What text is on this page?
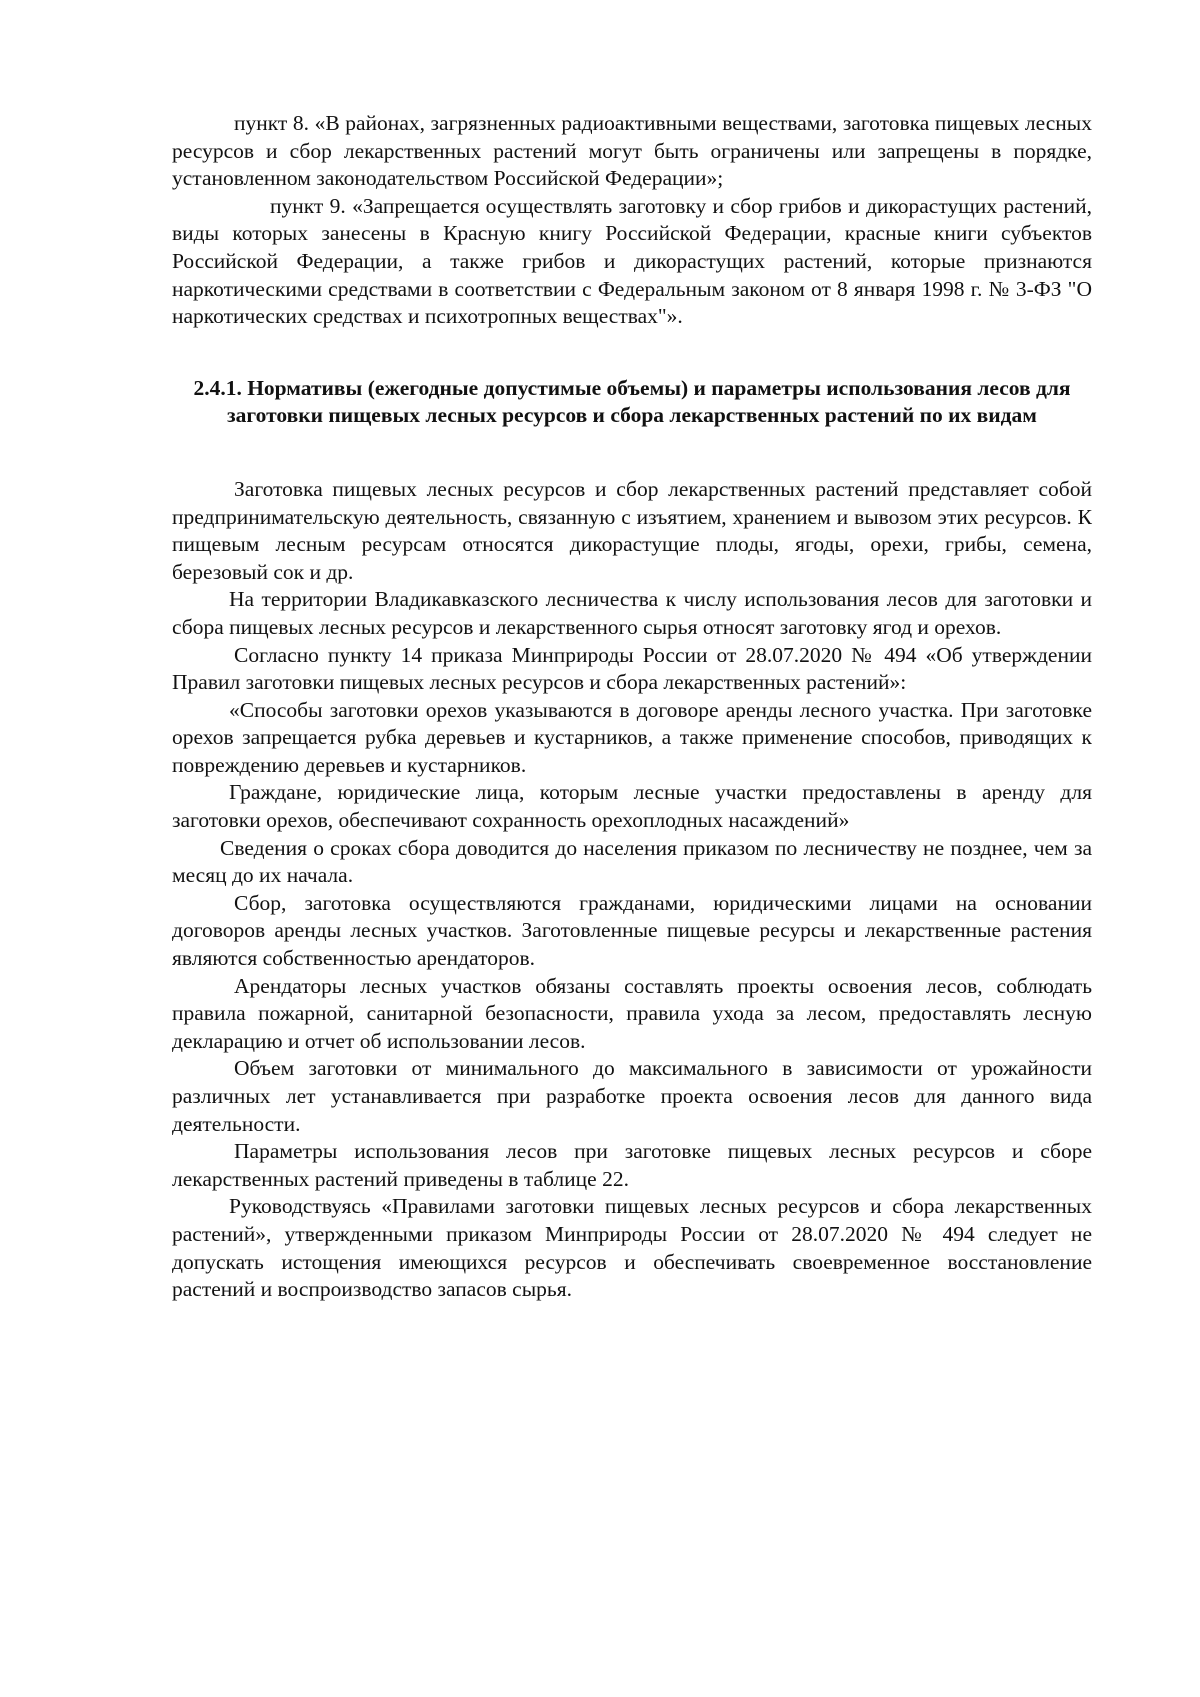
пункт 8. «В районах, загрязненных радиоактивными веществами, заготовка пищевых лесных ресурсов и сбор лекарственных растений могут быть ограничены или запрещены в порядке, установленном законодательством Российской Федерации»;

пункт 9. «Запрещается осуществлять заготовку и сбор грибов и дикорастущих растений, виды которых занесены в Красную книгу Российской Федерации, красные книги субъектов Российской Федерации, а также грибов и дикорастущих растений, которые признаются наркотическими средствами в соответствии с Федеральным законом от 8 января 1998 г. № 3-ФЗ "О наркотических средствах и психотропных веществах"».

2.4.1. Нормативы (ежегодные допустимые объемы) и параметры использования лесов для заготовки пищевых лесных ресурсов и сбора лекарственных растений по их видам

Заготовка пищевых лесных ресурсов и сбор лекарственных растений представляет собой предпринимательскую деятельность, связанную с изъятием, хранением и вывозом этих ресурсов. К пищевым лесным ресурсам относятся дикорастущие плоды, ягоды, орехи, грибы, семена, березовый сок и др.

На территории Владикавказского лесничества к числу использования лесов для заготовки и сбора пищевых лесных ресурсов и лекарственного сырья относят заготовку ягод и орехов.

Согласно пункту 14 приказа Минприроды России от 28.07.2020 № 494 «Об утверждении Правил заготовки пищевых лесных ресурсов и сбора лекарственных растений»:

«Способы заготовки орехов указываются в договоре аренды лесного участка. При заготовке орехов запрещается рубка деревьев и кустарников, а также применение способов, приводящих к повреждению деревьев и кустарников.

Граждане, юридические лица, которым лесные участки предоставлены в аренду для заготовки орехов, обеспечивают сохранность орехоплодных насаждений»

Сведения о сроках сбора доводится до населения приказом по лесничеству не позднее, чем за месяц до их начала.

Сбор, заготовка осуществляются гражданами, юридическими лицами на основании договоров аренды лесных участков. Заготовленные пищевые ресурсы и лекарственные растения являются собственностью арендаторов.

Арендаторы лесных участков обязаны составлять проекты освоения лесов, соблюдать правила пожарной, санитарной безопасности, правила ухода за лесом, предоставлять лесную декларацию и отчет об использовании лесов.

Объем заготовки от минимального до максимального в зависимости от урожайности различных лет устанавливается при разработке проекта освоения лесов для данного вида деятельности.

Параметры использования лесов при заготовке пищевых лесных ресурсов и сборе лекарственных растений приведены в таблице 22.

Руководствуясь «Правилами заготовки пищевых лесных ресурсов и сбора лекарственных растений», утвержденными приказом Минприроды России от 28.07.2020 № 494 следует не допускать истощения имеющихся ресурсов и обеспечивать своевременное восстановление растений и воспроизводство запасов сырья.
